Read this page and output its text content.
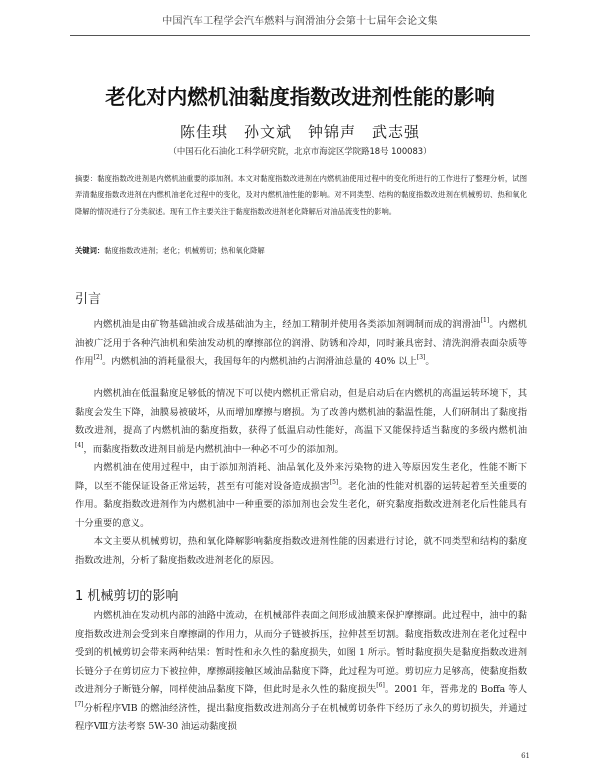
中国汽车工程学会汽车燃料与润滑油分会第十七届年会论文集
老化对内燃机油黏度指数改进剂性能的影响
陈佳琪　孙文斌　钟锦声　武志强
（中国石化石油化工科学研究院，北京市海淀区学院路18号 100083）

摘要：黏度指数改进剂是内燃机油重要的添加剂。本文对黏度指数改进剂在内燃机油使用过程中的变化所进行的工作进行了整理分析，试图弄清黏度指数改进剂在内燃机油老化过程中的变化，及对内燃机油性能的影响。对不同类型、结构的黏度指数改进剂在机械剪切、热和氧化降解的情况进行了分类叙述。现有工作主要关注于黏度指数改进剂老化降解后对油品流变性的影响。

关键词：黏度指数改进剂；老化；机械剪切；热和氧化降解

引言

内燃机油是由矿物基础油或合成基础油为主，经加工精制并使用各类添加剂调制而成的润滑油[1]。内燃机油被广泛用于各种汽油机和柴油发动机的摩擦部位的润滑、防锈和冷却，同时兼具密封、清洗润滑表面杂质等作用[2]。内燃机油的消耗量很大，我国每年的内燃机油约占润滑油总量的 40% 以上[3]。

内燃机油在低温黏度足够低的情况下可以使内燃机正常启动，但是启动后在内燃机的高温运转环境下，其黏度会发生下降，油膜易被破坏，从而增加摩擦与磨损。为了改善内燃机油的黏温性能，人们研制出了黏度指数改进剂，提高了内燃机油的黏度指数，获得了低温启动性能好，高温下又能保持适当黏度的多级内燃机油[4]，而黏度指数改进剂目前是内燃机油中一种必不可少的添加剂。

内燃机油在使用过程中，由于添加剂消耗、油品氧化及外来污染物的进入等原因发生老化，性能不断下降，以至不能保证设备正常运转，甚至有可能对设备造成损害[5]。老化油的性能对机器的运转起着至关重要的作用。黏度指数改进剂作为内燃机油中一种重要的添加剂也会发生老化，研究黏度指数改进剂老化后性能具有十分重要的意义。

本文主要从机械剪切，热和氧化降解影响黏度指数改进剂性能的因素进行讨论，就不同类型和结构的黏度指数改进剂，分析了黏度指数改进剂老化的原因。

1 机械剪切的影响

内燃机油在发动机内部的油路中流动，在机械部件表面之间形成油膜来保护摩擦副。此过程中，油中的黏度指数改进剂会受到来自摩擦副的作用力，从而分子链被拆压，拉伸甚至切割。黏度指数改进剂在老化过程中受到的机械剪切会带来两种结果：暂时性和永久性的黏度损失，如图 1 所示。暂时黏度损失是黏度指数改进剂长链分子在剪切应力下被拉伸，摩擦副接触区域油品黏度下降，此过程为可逆。剪切应力足够高，使黏度指数改进剂分子断链分解，同样使油品黏度下降，但此时是永久性的黏度损失[6]。2001 年，晋弗龙的 Boffa 等人[7]分析程序ⅥB 的燃油经济性，提出黏度指数改进剂高分子在机械剪切条件下经历了永久的剪切损失，并通过程序Ⅷ方法考察 5W-30 油运动黏度损

61
